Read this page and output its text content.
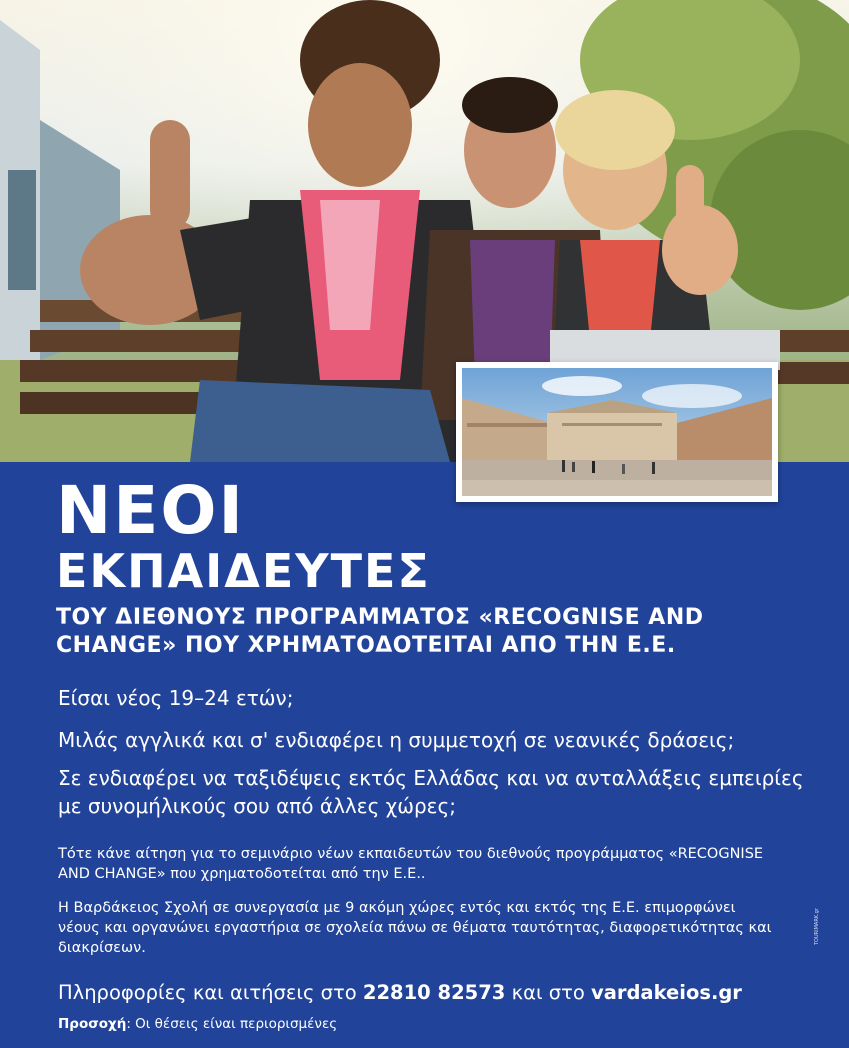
ΝΕΟΙ
ΕΚΠΑΙΔΕΥΤΕΣ
ΤΟΥ ΔΙΕΘΝΟΥΣ ΠΡΟΓΡΑΜΜΑΤΟΣ «RECOGNISE AND CHANGE» ΠΟΥ ΧΡΗΜΑΤΟΔΟΤΕΙΤΑΙ ΑΠΟ ΤΗΝ Ε.Ε.
Είσαι νέος 19–24 ετών;
Μιλάς αγγλικά και σ' ενδιαφέρει η συμμετοχή σε νεανικές δράσεις;
Σε ενδιαφέρει να ταξιδέψεις εκτός Ελλάδας και να ανταλλάξεις εμπειρίες με συνομήλικούς σου από άλλες χώρες;
Τότε κάνε αίτηση για το σεμινάριο νέων εκπαιδευτών του διεθνούς προγράμματος «RECOGNISE AND CHANGE» που χρηματοδοτείται από την Ε.Ε..
Η Βαρδάκειος Σχολή σε συνεργασία με 9 ακόμη χώρες εντός και εκτός της Ε.Ε. επιμορφώνει νέους και οργανώνει εργαστήρια σε σχολεία πάνω σε θέματα ταυτότητας, διαφορετικότητας και διακρίσεων.
Πληροφορίες και αιτήσεις στο 22810 82573 και στο vardakeios.gr
Προσοχή: Οι θέσεις είναι περιορισμένες
TOURIMARK.gr
